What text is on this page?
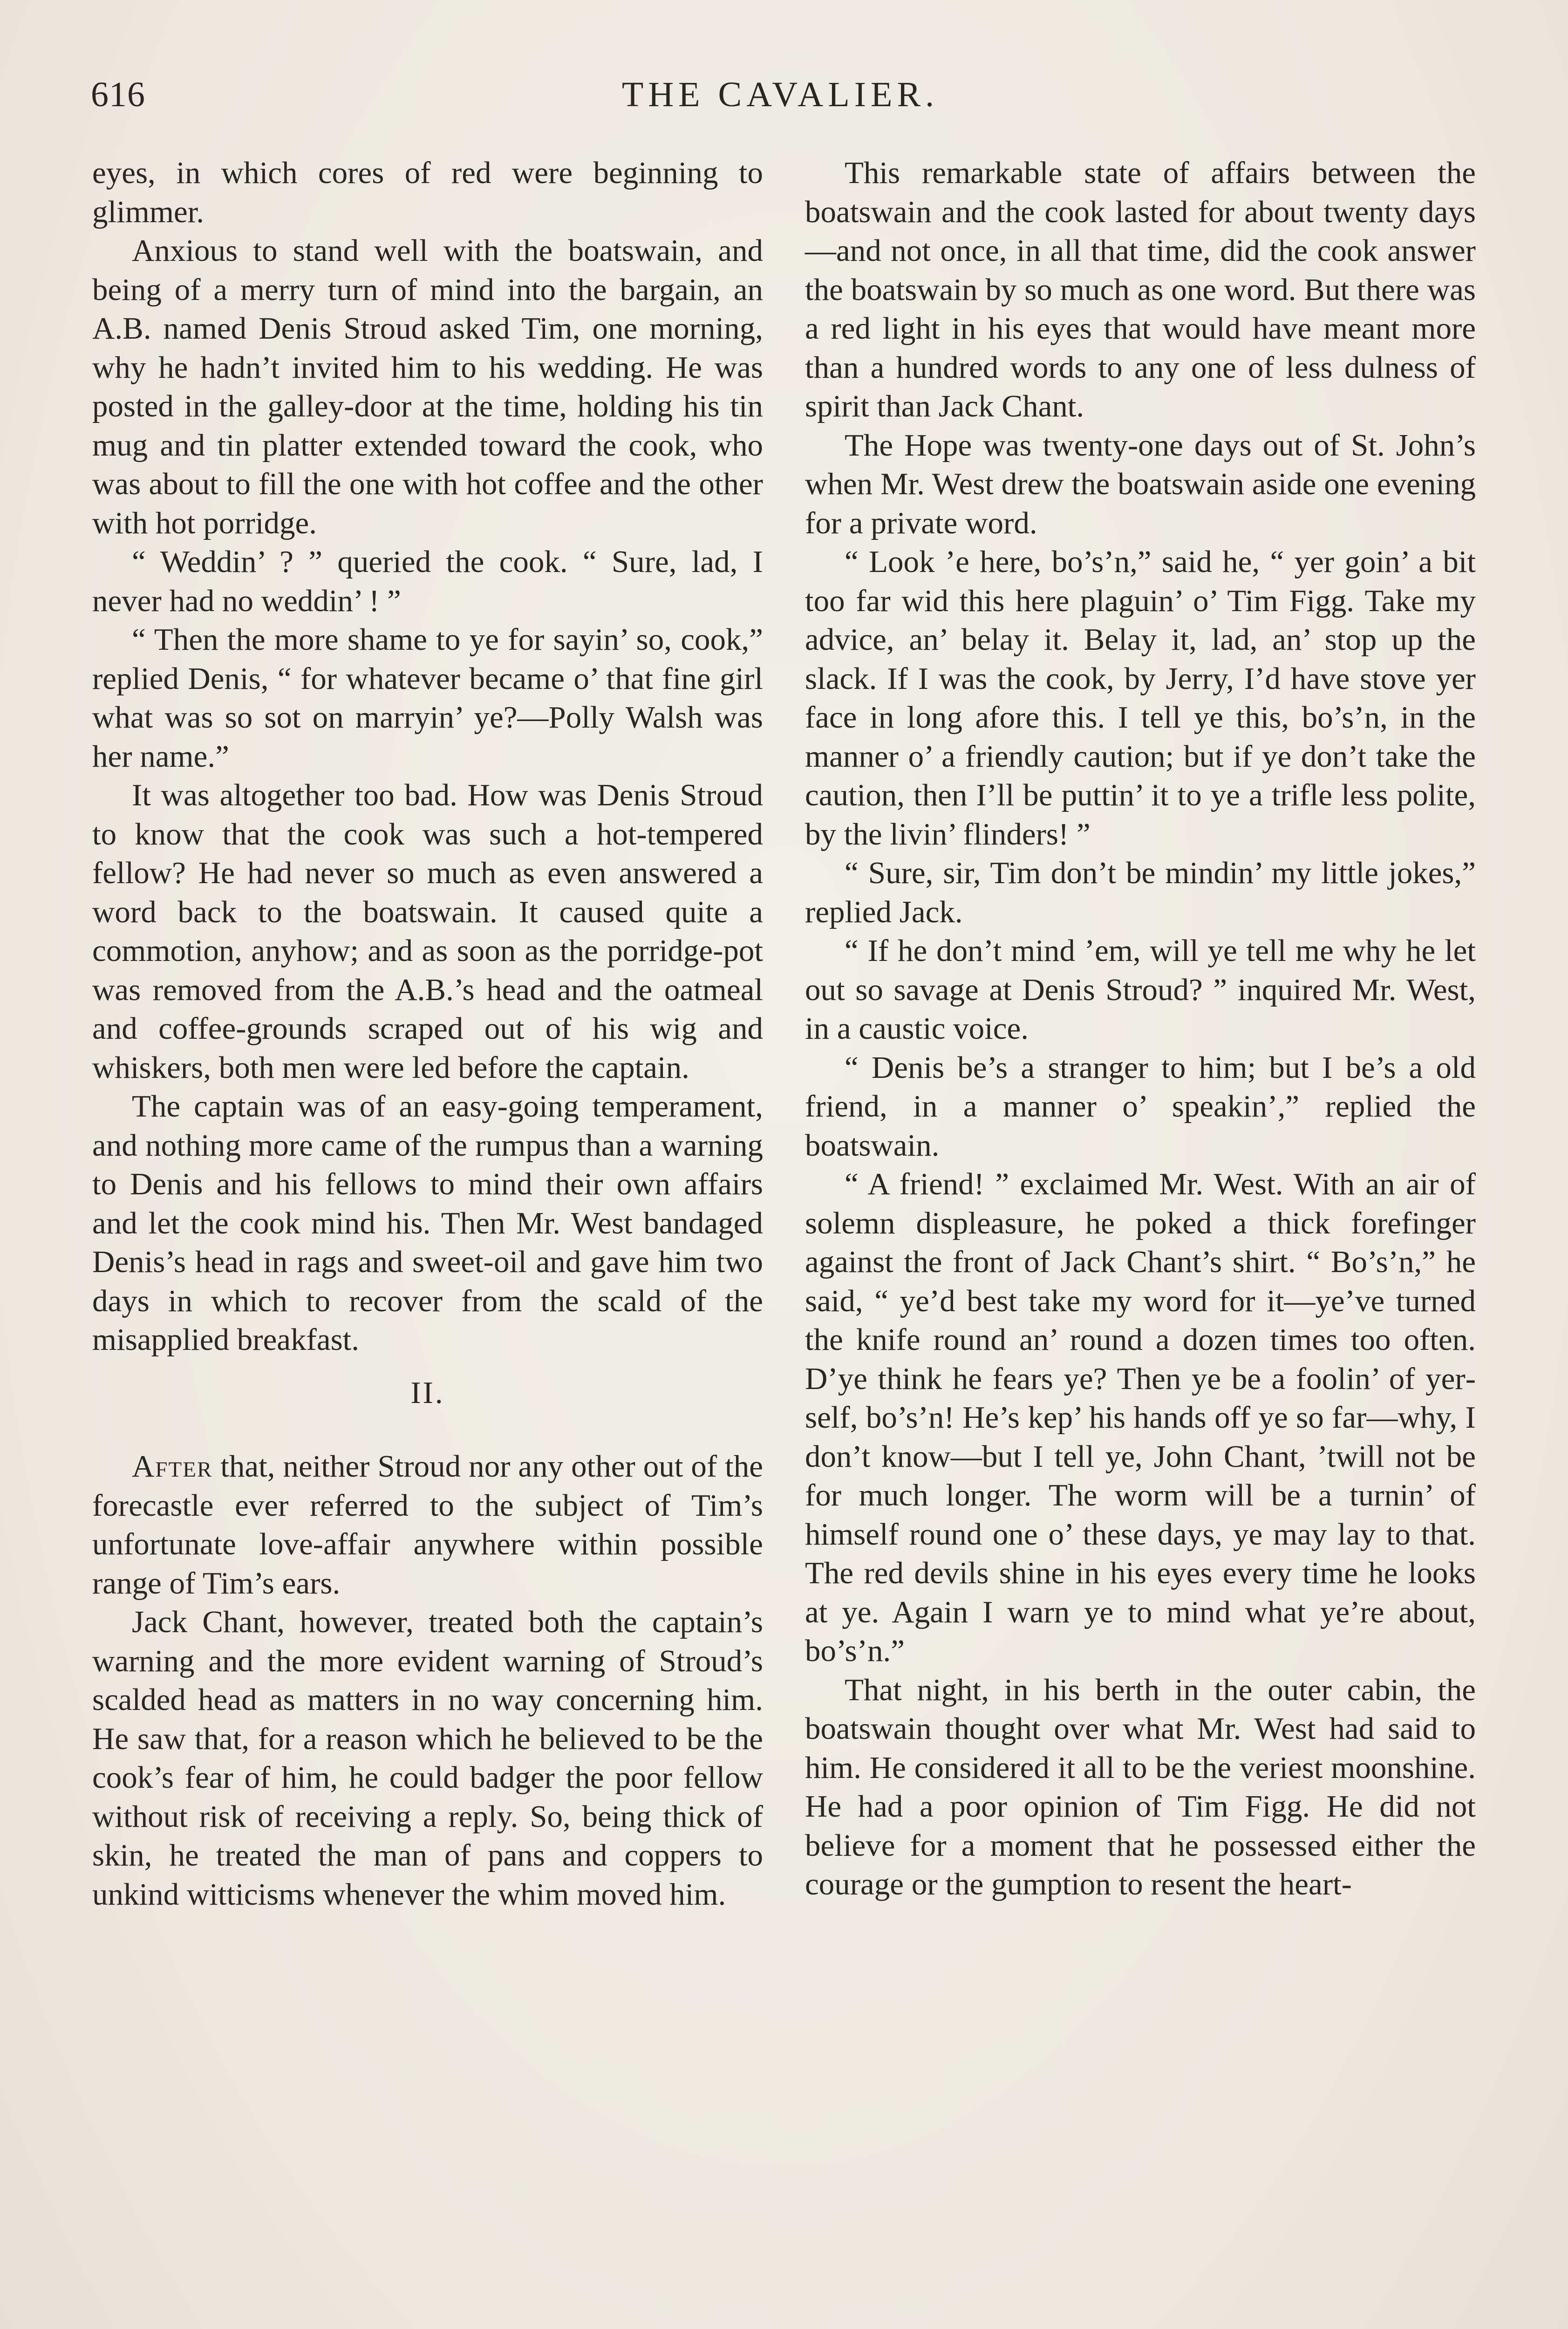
616	THE CAVALIER.

eyes, in which cores of red were beginning to glimmer.

Anxious to stand well with the boatswain, and being of a merry turn of mind into the bargain, an A.B. named Denis Stroud asked Tim, one morning, why he hadn’t invited him to his wedding. He was posted in the galley-door at the time, holding his tin mug and tin platter extended toward the cook, who was about to fill the one with hot coffee and the other with hot porridge.

“ Weddin’ ? ” queried the cook. “ Sure, lad, I never had no weddin’ ! ”

“ Then the more shame to ye for sayin’ so, cook,” replied Denis, “ for whatever became o’ that fine girl what was so sot on marryin’ ye?—Polly Walsh was her name.”

It was altogether too bad. How was Denis Stroud to know that the cook was such a hot-tempered fellow? He had never so much as even answered a word back to the boatswain. It caused quite a commotion, anyhow; and as soon as the porridge-pot was removed from the A.B.’s head and the oatmeal and coffee-grounds scraped out of his wig and whiskers, both men were led before the captain.

The captain was of an easy-going temperament, and nothing more came of the rumpus than a warning to Denis and his fellows to mind their own affairs and let the cook mind his. Then Mr. West bandaged Denis’s head in rags and sweet-oil and gave him two days in which to recover from the scald of the misapplied breakfast.

II.

After that, neither Stroud nor any other out of the forecastle ever referred to the subject of Tim’s unfortunate love-affair anywhere within possible range of Tim’s ears.

Jack Chant, however, treated both the captain’s warning and the more evident warning of Stroud’s scalded head as matters in no way concerning him. He saw that, for a reason which he believed to be the cook’s fear of him, he could badger the poor fellow without risk of receiving a reply. So, being thick of skin, he treated the man of pans and coppers to unkind witticisms whenever the whim moved him.

This remarkable state of affairs between the boatswain and the cook lasted for about twenty days—and not once, in all that time, did the cook answer the boatswain by so much as one word. But there was a red light in his eyes that would have meant more than a hundred words to any one of less dulness of spirit than Jack Chant.

The Hope was twenty-one days out of St. John’s when Mr. West drew the boatswain aside one evening for a private word.

“ Look ’e here, bo’s’n,” said he, “ yer goin’ a bit too far wid this here plaguin’ o’ Tim Figg. Take my advice, an’ belay it. Belay it, lad, an’ stop up the slack. If I was the cook, by Jerry, I’d have stove yer face in long afore this. I tell ye this, bo’s’n, in the manner o’ a friendly caution; but if ye don’t take the caution, then I’ll be puttin’ it to ye a trifle less polite, by the livin’ flinders! ”

“ Sure, sir, Tim don’t be mindin’ my little jokes,” replied Jack.

“ If he don’t mind ’em, will ye tell me why he let out so savage at Denis Stroud? ” inquired Mr. West, in a caustic voice.

“ Denis be’s a stranger to him; but I be’s a old friend, in a manner o’ speakin’,” replied the boatswain.

“ A friend! ” exclaimed Mr. West. With an air of solemn displeasure, he poked a thick forefinger against the front of Jack Chant’s shirt. “ Bo’s’n,” he said, “ ye’d best take my word for it—ye’ve turned the knife round an’ round a dozen times too often. D’ye think he fears ye? Then ye be a foolin’ of yerself, bo’s’n! He’s kep’ his hands off ye so far—why, I don’t know—but I tell ye, John Chant, ’twill not be for much longer. The worm will be a turnin’ of himself round one o’ these days, ye may lay to that. The red devils shine in his eyes every time he looks at ye. Again I warn ye to mind what ye’re about, bo’s’n.”

That night, in his berth in the outer cabin, the boatswain thought over what Mr. West had said to him. He considered it all to be the veriest moonshine. He had a poor opinion of Tim Figg. He did not believe for a moment that he possessed either the courage or the gumption to resent the heart-
